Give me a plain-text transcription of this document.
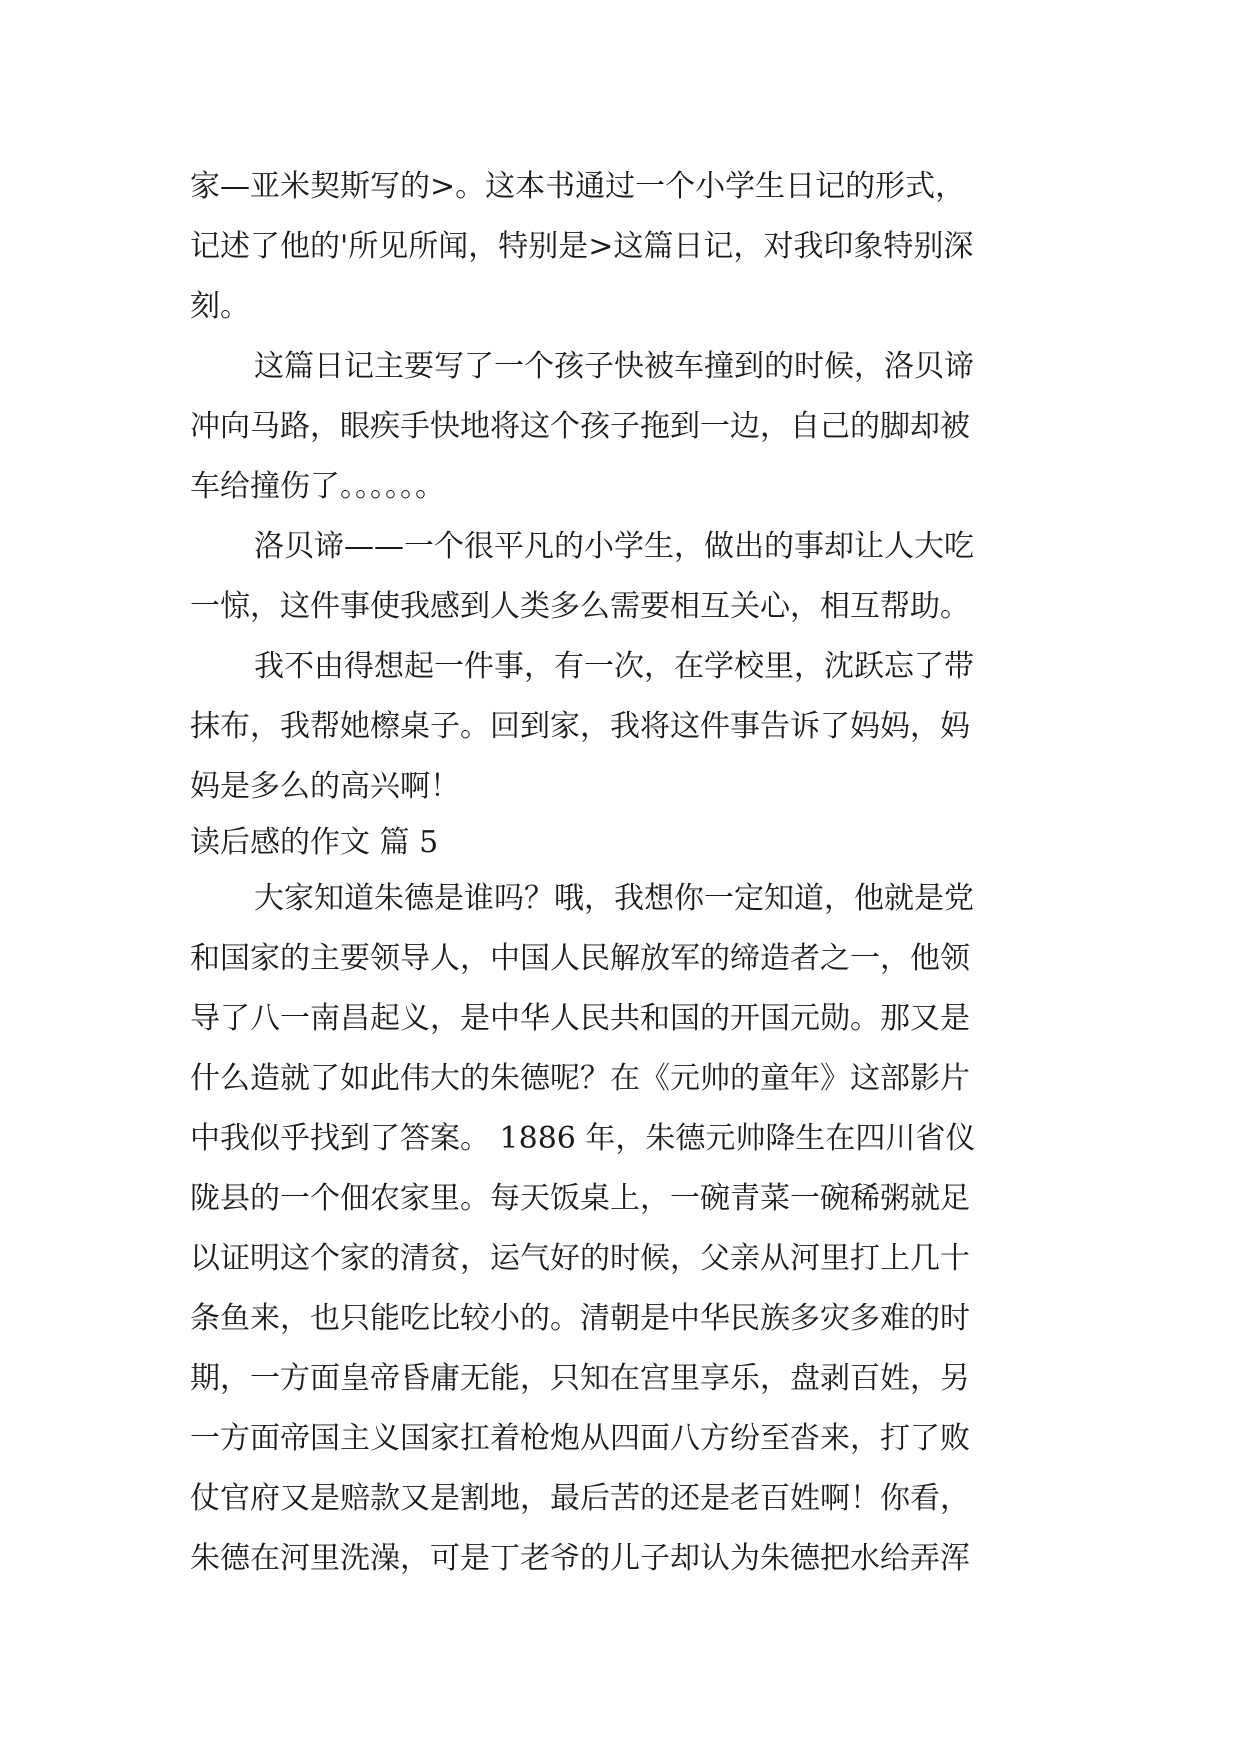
家—亚米契斯写的>。这本书通过一个小学生日记的形式，
记述了他的'所见所闻，特别是>这篇日记，对我印象特别深
刻。
这篇日记主要写了一个孩子快被车撞到的时候，洛贝谛
冲向马路，眼疾手快地将这个孩子拖到一边，自己的脚却被
车给撞伤了。。。。。。
洛贝谛——一个很平凡的小学生，做出的事却让人大吃
一惊，这件事使我感到人类多么需要相互关心，相互帮助。
我不由得想起一件事，有一次，在学校里，沈跃忘了带
抹布，我帮她檫桌子。回到家，我将这件事告诉了妈妈，妈
妈是多么的高兴啊！
读后感的作文 篇 5
大家知道朱德是谁吗？哦，我想你一定知道，他就是党
和国家的主要领导人，中国人民解放军的缔造者之一，他领
导了八一南昌起义，是中华人民共和国的开国元勋。那又是
什么造就了如此伟大的朱德呢？在《元帅的童年》这部影片
中我似乎找到了答案。 1886 年，朱德元帅降生在四川省仪
陇县的一个佃农家里。每天饭桌上，一碗青菜一碗稀粥就足
以证明这个家的清贫，运气好的时候，父亲从河里打上几十
条鱼来，也只能吃比较小的。清朝是中华民族多灾多难的时
期，一方面皇帝昏庸无能，只知在宫里享乐，盘剥百姓，另
一方面帝国主义国家扛着枪炮从四面八方纷至沓来，打了败
仗官府又是赔款又是割地，最后苦的还是老百姓啊！你看，
朱德在河里洗澡，可是丁老爷的儿子却认为朱德把水给弄浑
